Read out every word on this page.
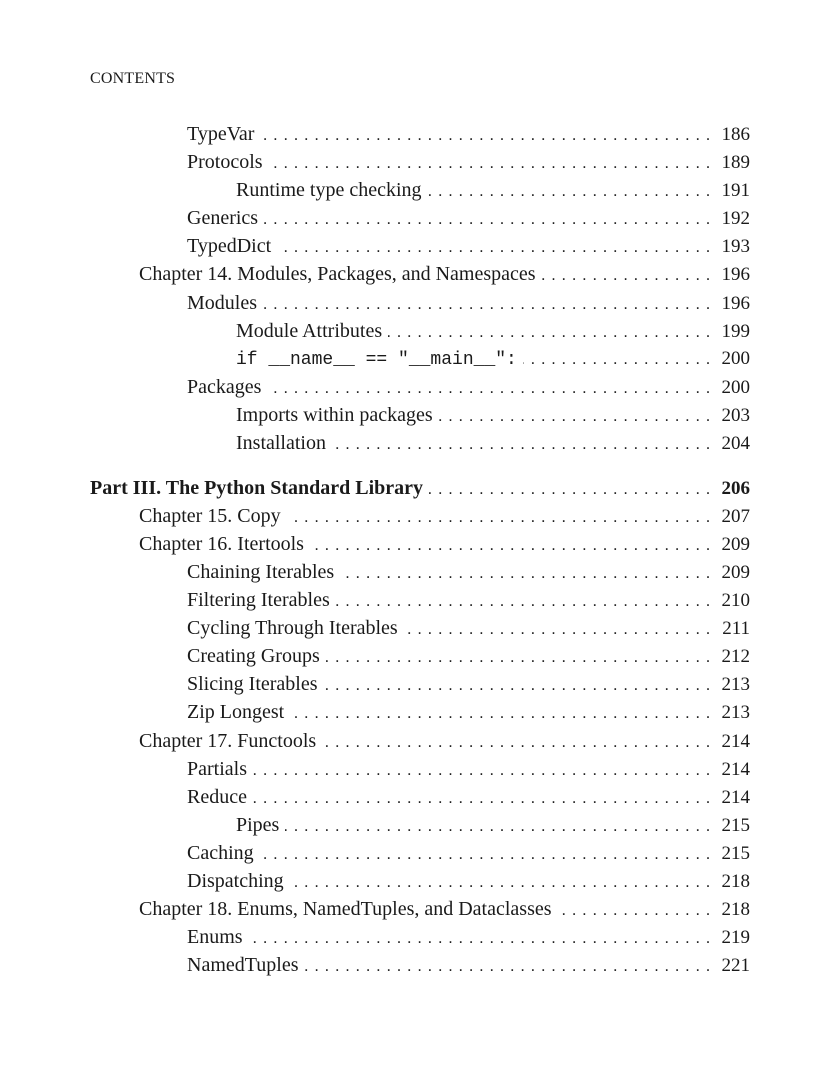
CONTENTS
TypeVar . . .	186
Protocols . . .	189
Runtime type checking . . .	191
Generics . . .	192
TypedDict . . .	193
Chapter 14. Modules, Packages, and Namespaces . . .	196
Modules . . .	196
Module Attributes . . .	199
if __name__ == "__main__": . . .	200
Packages . . .	200
Imports within packages . . .	203
Installation . . .	204
Part III. The Python Standard Library . . .	206
Chapter 15. Copy . . .	207
Chapter 16. Itertools . . .	209
Chaining Iterables . . .	209
Filtering Iterables . . .	210
Cycling Through Iterables . . .	211
Creating Groups . . .	212
Slicing Iterables . . .	213
Zip Longest . . .	213
Chapter 17. Functools . . .	214
Partials . . .	214
Reduce . . .	214
Pipes . . .	215
Caching . . .	215
Dispatching . . .	218
Chapter 18. Enums, NamedTuples, and Dataclasses . . .	218
Enums . . .	219
NamedTuples . . .	221
